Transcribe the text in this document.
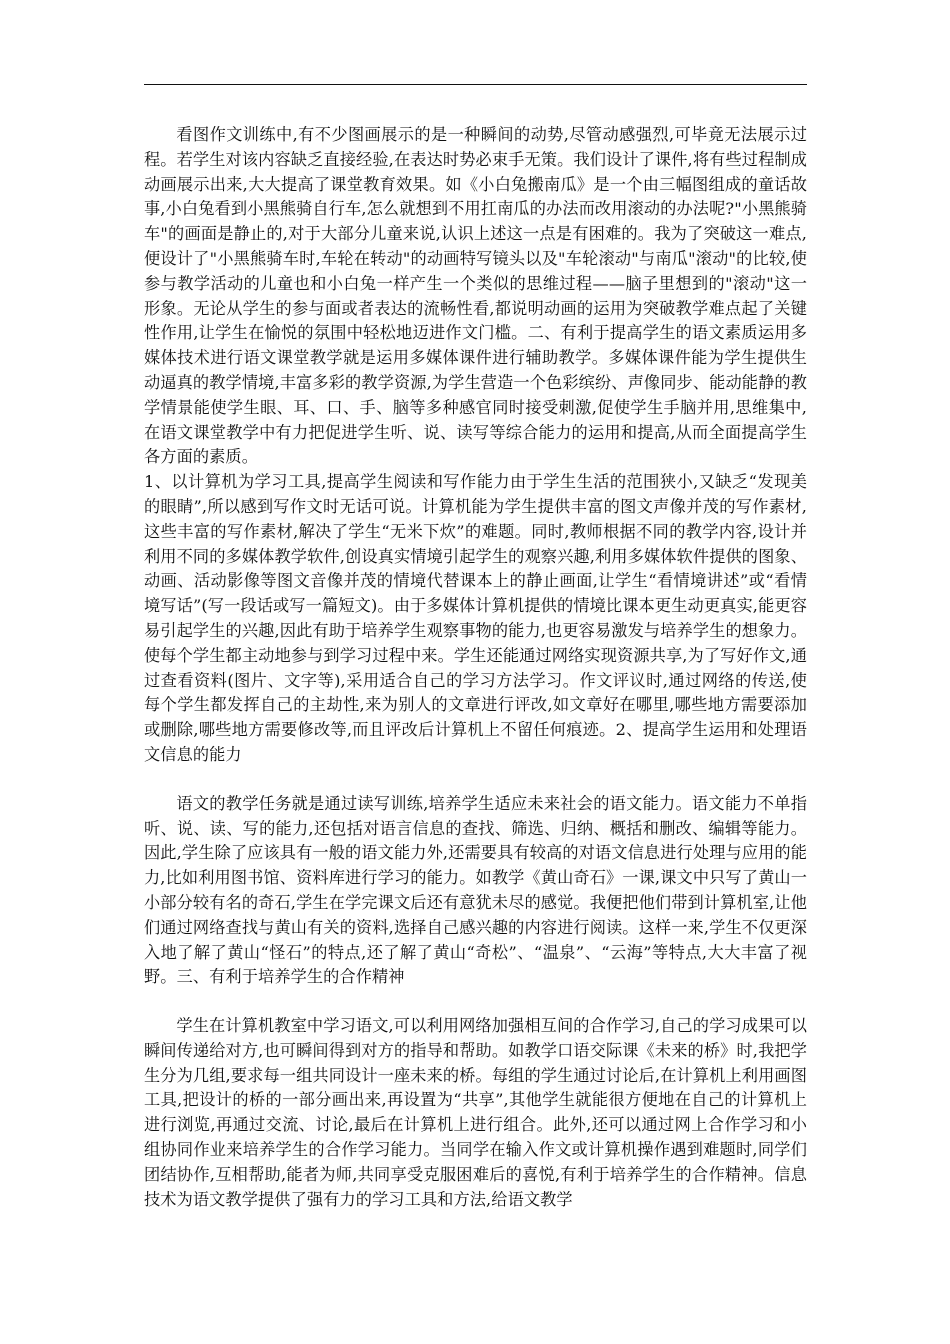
看图作文训练中,有不少图画展示的是一种瞬间的动势,尽管动感强烈,可毕竟无法展示过程。若学生对该内容缺乏直接经验,在表达时势必束手无策。我们设计了课件,将有些过程制成动画展示出来,大大提高了课堂教育效果。如《小白兔搬南瓜》是一个由三幅图组成的童话故事,小白兔看到小黑熊骑自行车,怎么就想到不用扛南瓜的办法而改用滚动的办法呢?"小黑熊骑车"的画面是静止的,对于大部分儿童来说,认识上述这一点是有困难的。我为了突破这一难点,便设计了"小黑熊骑车时,车轮在转动"的动画特写镜头以及"车轮滚动"与南瓜"滚动"的比较,使参与教学活动的儿童也和小白兔一样产生一个类似的思维过程——脑子里想到的"滚动"这一形象。无论从学生的参与面或者表达的流畅性看,都说明动画的运用为突破教学难点起了关键性作用,让学生在愉悦的氛围中轻松地迈进作文门槛。二、有利于提高学生的语文素质运用多媒体技术进行语文课堂教学就是运用多媒体课件进行辅助教学。多媒体课件能为学生提供生动逼真的教学情境,丰富多彩的教学资源,为学生营造一个色彩缤纷、声像同步、能动能静的教学情景能使学生眼、耳、口、手、脑等多种感官同时接受刺激,促使学生手脑并用,思维集中,在语文课堂教学中有力把促进学生听、说、读写等综合能力的运用和提高,从而全面提高学生各方面的素质。

1、以计算机为学习工具,提高学生阅读和写作能力由于学生生活的范围狭小,又缺乏“发现美的眼睛”,所以感到写作文时无话可说。计算机能为学生提供丰富的图文声像并茂的写作素材,这些丰富的写作素材,解决了学生“无米下炊”的难题。同时,教师根据不同的教学内容,设计并利用不同的多媒体教学软件,创设真实情境引起学生的观察兴趣,利用多媒体软件提供的图象、动画、活动影像等图文音像并茂的情境代替课本上的静止画面,让学生“看情境讲述”或“看情境写话”(写一段话或写一篇短文)。由于多媒体计算机提供的情境比课本更生动更真实,能更容易引起学生的兴趣,因此有助于培养学生观察事物的能力,也更容易激发与培养学生的想象力。使每个学生都主动地参与到学习过程中来。学生还能通过网络实现资源共享,为了写好作文,通过查看资料(图片、文字等),采用适合自己的学习方法学习。作文评议时,通过网络的传送,使每个学生都发挥自己的主劫性,来为别人的文章进行评改,如文章好在哪里,哪些地方需要添加或删除,哪些地方需要修改等,而且评改后计算机上不留任何痕迹。2、提高学生运用和处理语文信息的能力

语文的教学任务就是通过读写训练,培养学生适应未来社会的语文能力。语文能力不单指听、说、读、写的能力,还包括对语言信息的查找、筛选、归纳、概括和删改、编辑等能力。因此,学生除了应该具有一般的语文能力外,还需要具有较高的对语文信息进行处理与应用的能力,比如利用图书馆、资料库进行学习的能力。如教学《黄山奇石》一课,课文中只写了黄山一小部分较有名的奇石,学生在学完课文后还有意犹未尽的感觉。我便把他们带到计算机室,让他们通过网络查找与黄山有关的资料,选择自己感兴趣的内容进行阅读。这样一来,学生不仅更深入地了解了黄山“怪石”的特点,还了解了黄山“奇松”、“温泉”、“云海”等特点,大大丰富了视野。三、有利于培养学生的合作精神

学生在计算机教室中学习语文,可以利用网络加强相互间的合作学习,自己的学习成果可以瞬间传递给对方,也可瞬间得到对方的指导和帮助。如教学口语交际课《未来的桥》时,我把学生分为几组,要求每一组共同设计一座未来的桥。每组的学生通过讨论后,在计算机上利用画图工具,把设计的桥的一部分画出来,再设置为“共享”,其他学生就能很方便地在自己的计算机上进行浏览,再通过交流、讨论,最后在计算机上进行组合。此外,还可以通过网上合作学习和小组协同作业来培养学生的合作学习能力。当同学在输入作文或计算机操作遇到难题时,同学们团结协作,互相帮助,能者为师,共同享受克服困难后的喜悦,有利于培养学生的合作精神。信息技术为语文教学提供了强有力的学习工具和方法,给语文教学
